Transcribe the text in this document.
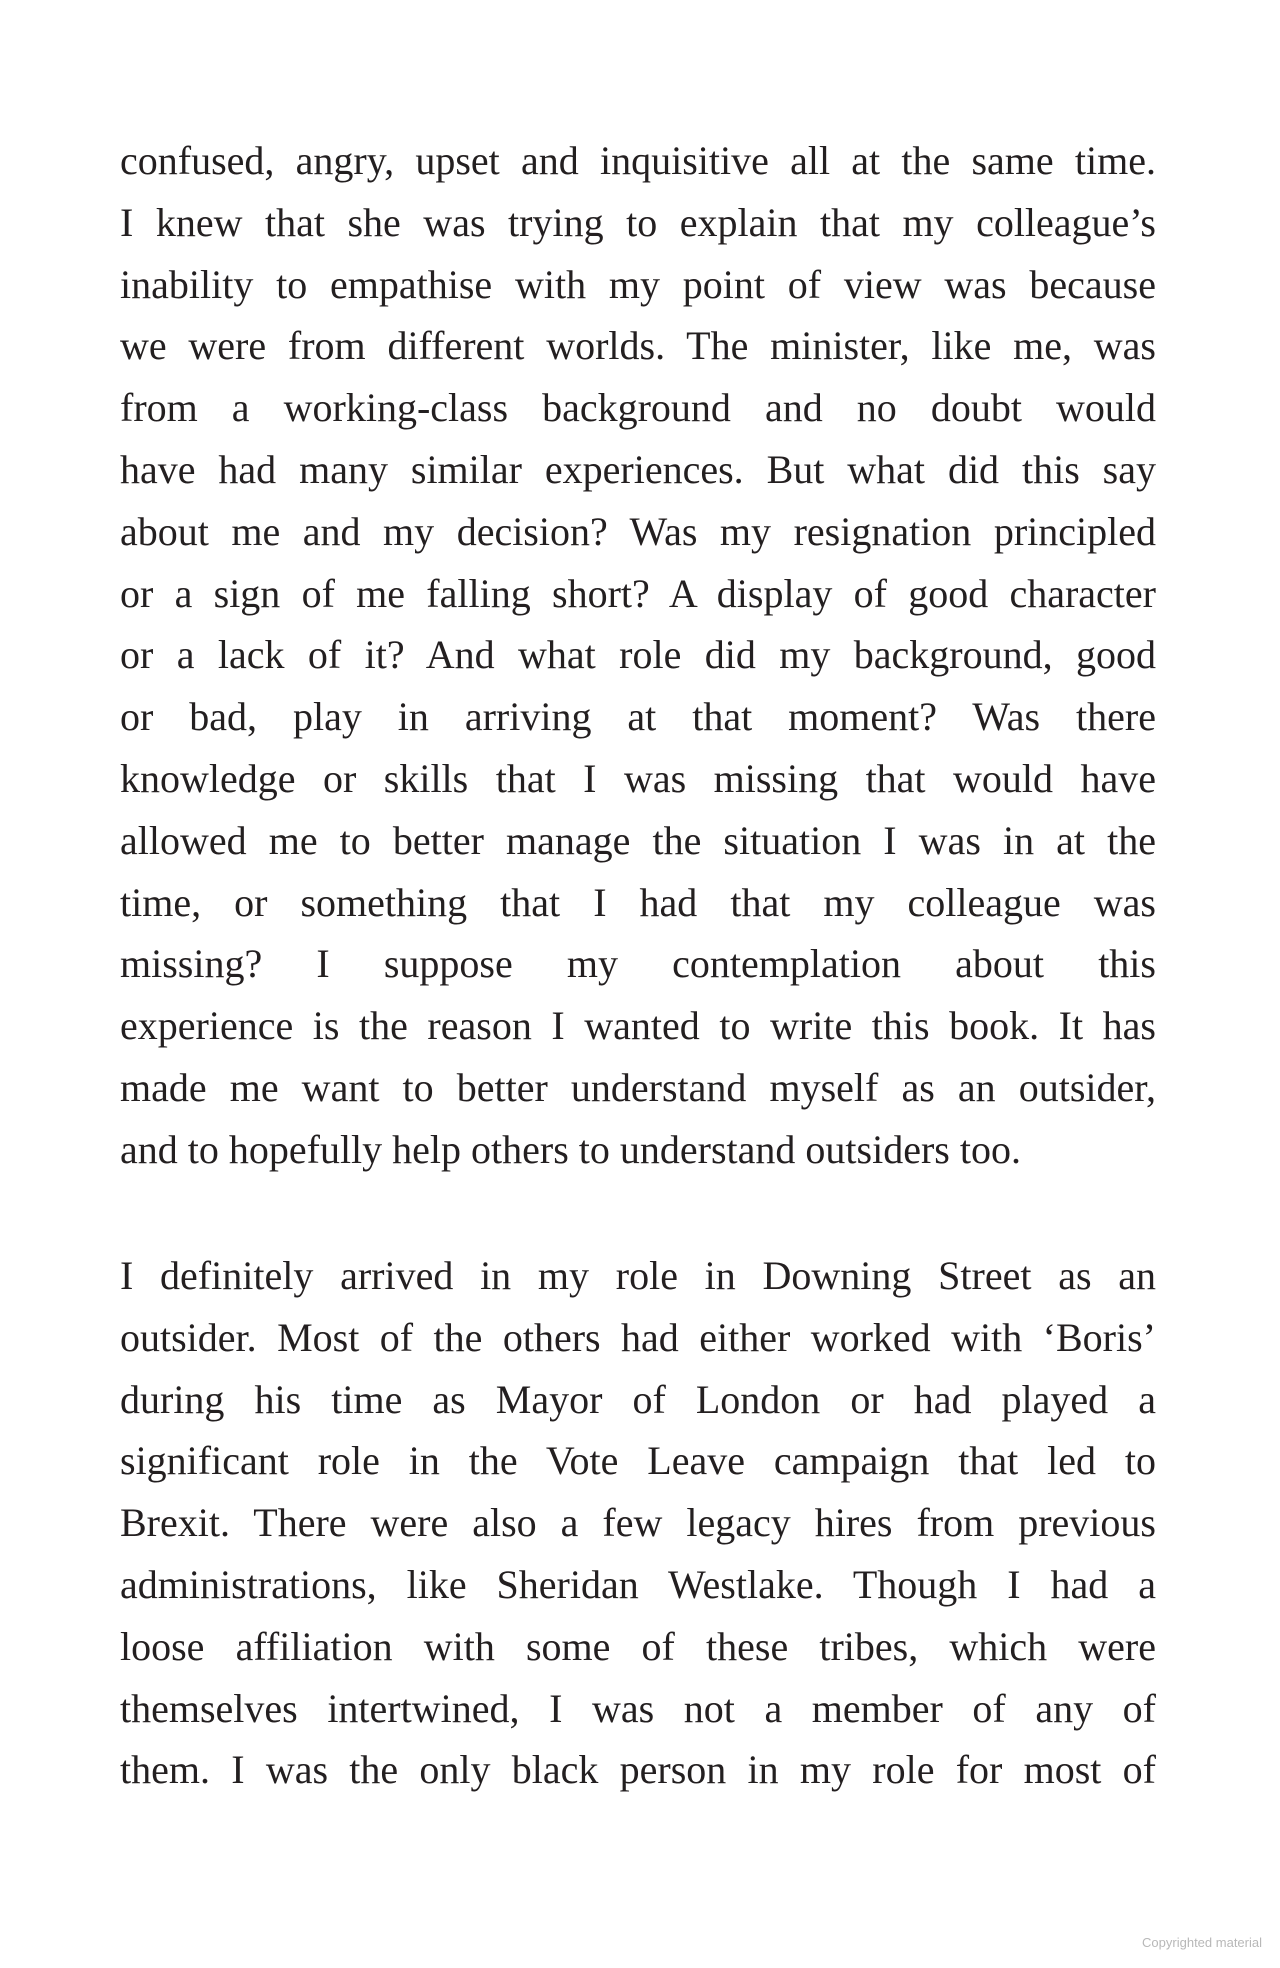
confused, angry, upset and inquisitive all at the same time.
I knew that she was trying to explain that my colleague’s
inability to empathise with my point of view was because
we were from different worlds. The minister, like me, was
from a working-class background and no doubt would
have had many similar experiences. But what did this say
about me and my decision? Was my resignation principled
or a sign of me falling short? A display of good character
or a lack of it? And what role did my background, good
or bad, play in arriving at that moment? Was there
knowledge or skills that I was missing that would have
allowed me to better manage the situation I was in at the
time, or something that I had that my colleague was
missing? I suppose my contemplation about this
experience is the reason I wanted to write this book. It has
made me want to better understand myself as an outsider,
and to hopefully help others to understand outsiders too.
I definitely arrived in my role in Downing Street as an
outsider. Most of the others had either worked with ‘Boris’
during his time as Mayor of London or had played a
significant role in the Vote Leave campaign that led to
Brexit. There were also a few legacy hires from previous
administrations, like Sheridan Westlake. Though I had a
loose affiliation with some of these tribes, which were
themselves intertwined, I was not a member of any of
them. I was the only black person in my role for most of
Copyrighted material
